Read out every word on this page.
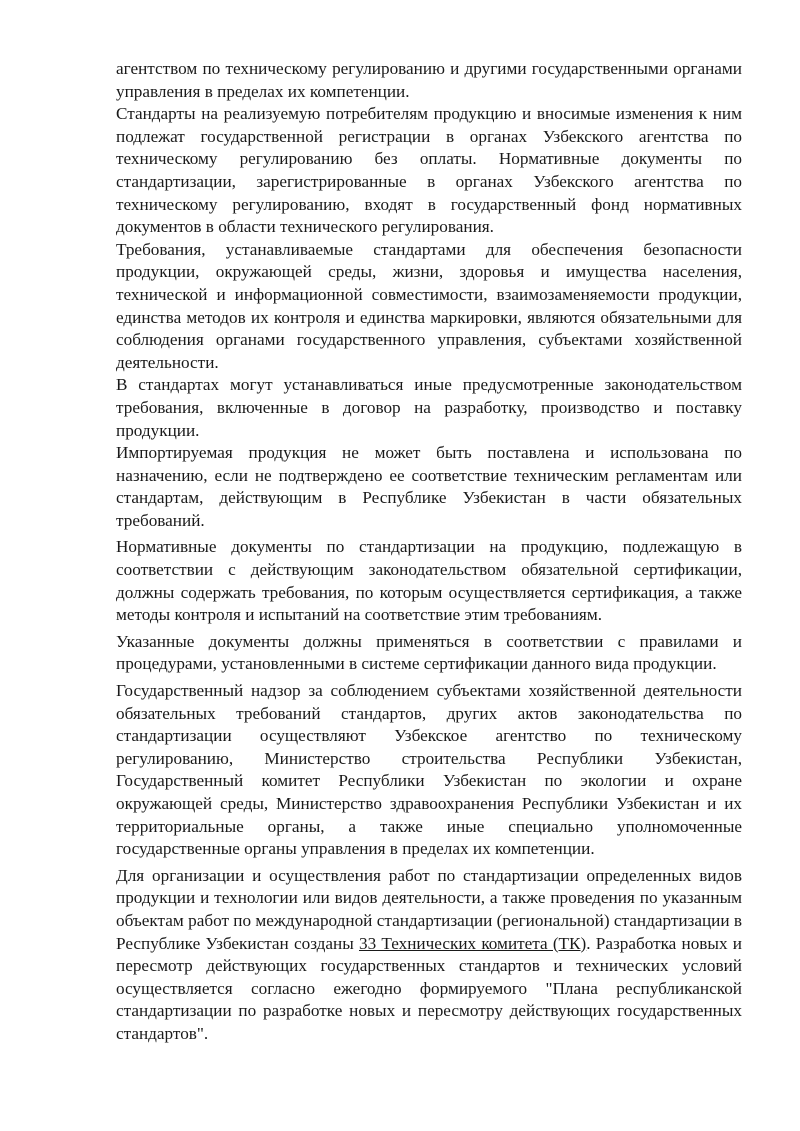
агентством по техническому регулированию и другими государственными органами управления в пределах их компетенции.

Стандарты на реализуемую потребителям продукцию и вносимые изменения к ним подлежат государственной регистрации в органах Узбекского агентства по техническому регулированию без оплаты. Нормативные документы по стандартизации, зарегистрированные в органах Узбекского агентства по техническому регулированию, входят в государственный фонд нормативных документов в области технического регулирования.

Требования, устанавливаемые стандартами для обеспечения безопасности продукции, окружающей среды, жизни, здоровья и имущества населения, технической и информационной совместимости, взаимозаменяемости продукции, единства методов их контроля и единства маркировки, являются обязательными для соблюдения органами государственного управления, субъектами хозяйственной деятельности.

В стандартах могут устанавливаться иные предусмотренные законодательством требования, включенные в договор на разработку, производство и поставку продукции.

Импортируемая продукция не может быть поставлена и использована по назначению, если не подтверждено ее соответствие техническим регламентам или стандартам, действующим в Республике Узбекистан в части обязательных требований.

Нормативные документы по стандартизации на продукцию, подлежащую в соответствии с действующим законодательством обязательной сертификации, должны содержать требования, по которым осуществляется сертификация, а также методы контроля и испытаний на соответствие этим требованиям.

Указанные документы должны применяться в соответствии с правилами и процедурами, установленными в системе сертификации данного вида продукции.

Государственный надзор за соблюдением субъектами хозяйственной деятельности обязательных требований стандартов, других актов законодательства по стандартизации осуществляют Узбекское агентство по техническому регулированию, Министерство строительства Республики Узбекистан, Государственный комитет Республики Узбекистан по экологии и охране окружающей среды, Министерство здравоохранения Республики Узбекистан и их территориальные органы, а также иные специально уполномоченные государственные органы управления в пределах их компетенции.

Для организации и осуществления работ по стандартизации определенных видов продукции и технологии или видов деятельности, а также проведения по указанным объектам работ по международной стандартизации (региональной) стандартизации в Республике Узбекистан созданы 33 Технических комитета (ТК). Разработка новых и пересмотр действующих государственных стандартов и технических условий осуществляется согласно ежегодно формируемого "Плана республиканской стандартизации по разработке новых и пересмотру действующих государственных стандартов".
